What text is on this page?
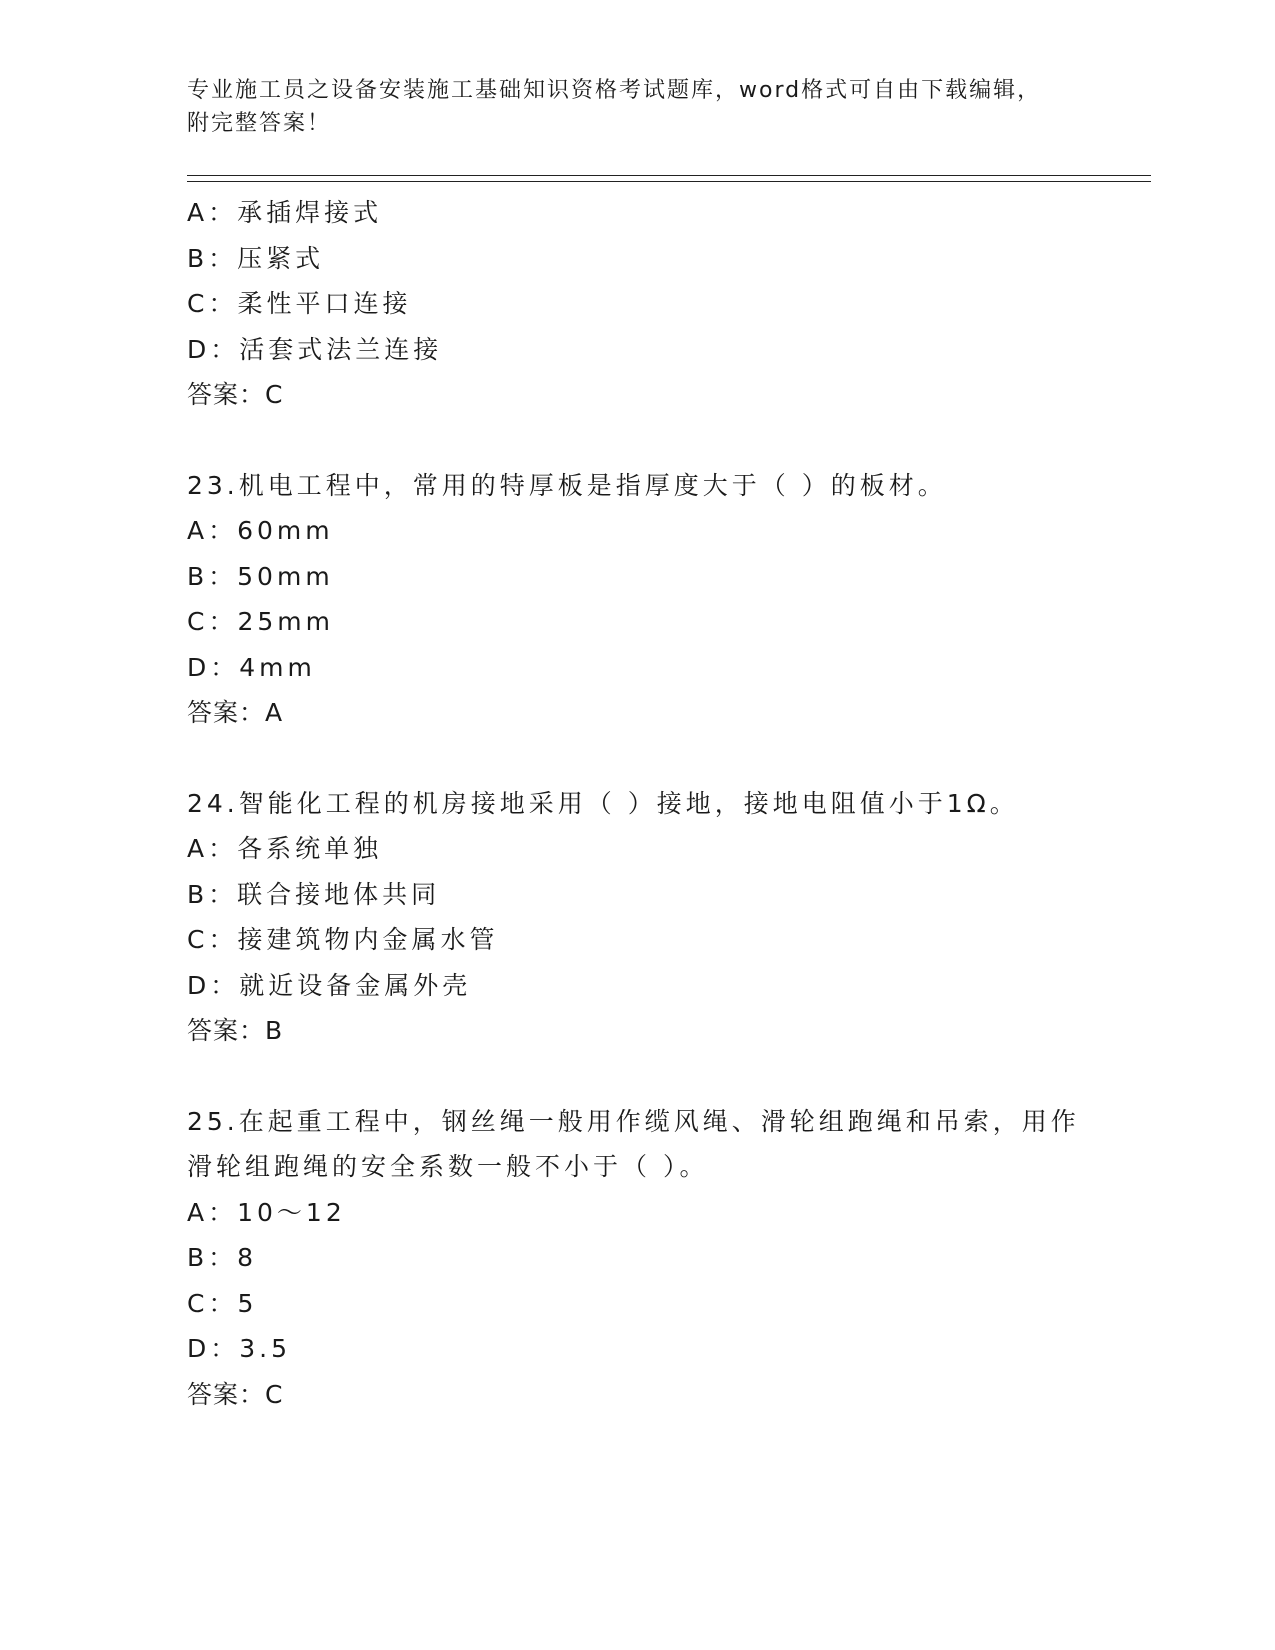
专业施工员之设备安装施工基础知识资格考试题库，word格式可自由下载编辑，
附完整答案！
A：承插焊接式
B：压紧式
C：柔性平口连接
D：活套式法兰连接
答案：C
23.机电工程中，常用的特厚板是指厚度大于（ ）的板材。
A：60mm
B：50mm
C：25mm
D：4mm
答案：A
24.智能化工程的机房接地采用（ ）接地，接地电阻值小于1Ω。
A：各系统单独
B：联合接地体共同
C：接建筑物内金属水管
D：就近设备金属外壳
答案：B
25.在起重工程中，钢丝绳一般用作缆风绳、滑轮组跑绳和吊索，用作
滑轮组跑绳的安全系数一般不小于（ ）。
A：10～12
B：8
C：5
D：3.5
答案：C
